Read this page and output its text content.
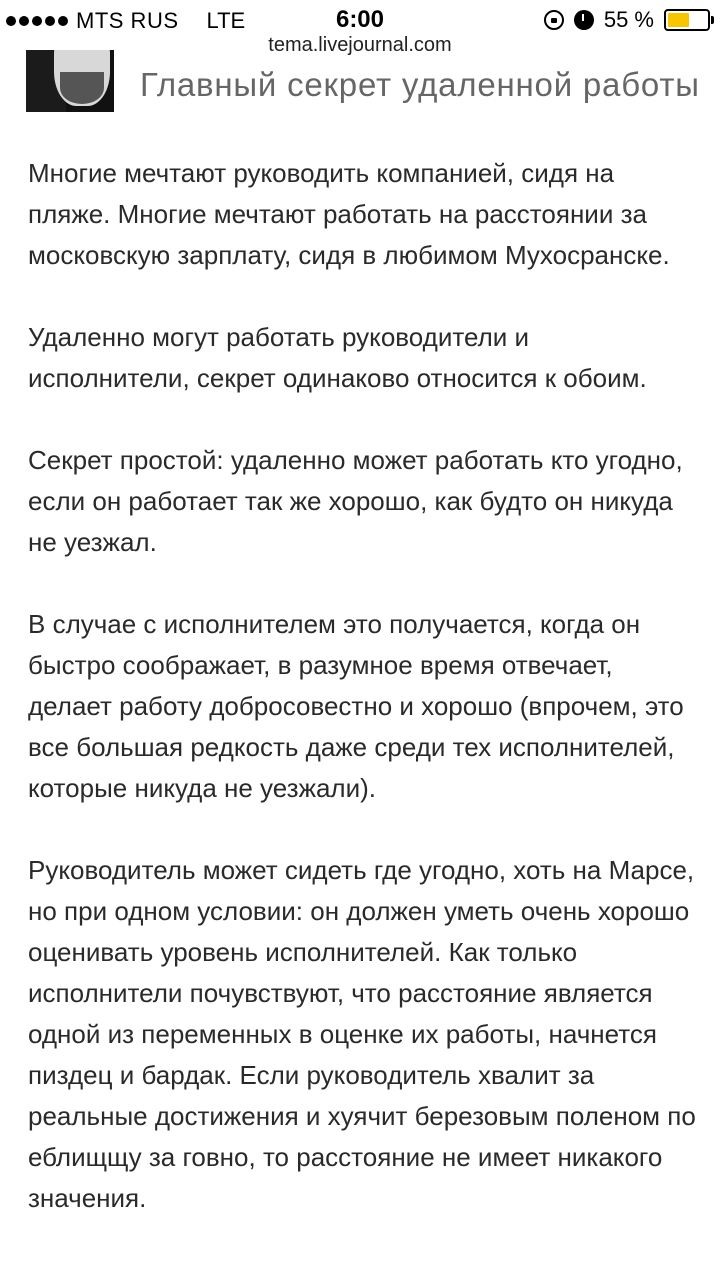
MTS RUS LTE	6:00	55 %
tema.livejournal.com
Главный секрет удаленной работы

Многие мечтают руководить компанией, сидя на пляже. Многие мечтают работать на расстоянии за московскую зарплату, сидя в любимом Мухосранске.

Удаленно могут работать руководители и исполнители, секрет одинаково относится к обоим.

Секрет простой: удаленно может работать кто угодно, если он работает так же хорошо, как будто он никуда не уезжал.

В случае с исполнителем это получается, когда он быстро соображает, в разумное время отвечает, делает работу добросовестно и хорошо (впрочем, это все большая редкость даже среди тех исполнителей, которые никуда не уезжали).

Руководитель может сидеть где угодно, хоть на Марсе, но при одном условии: он должен уметь очень хорошо оценивать уровень исполнителей. Как только исполнители почувствуют, что расстояние является одной из переменных в оценке их работы, начнется пиздец и бардак. Если руководитель хвалит за реальные достижения и хуячит березовым поленом по еблищщу за говно, то расстояние не имеет никакого значения.
